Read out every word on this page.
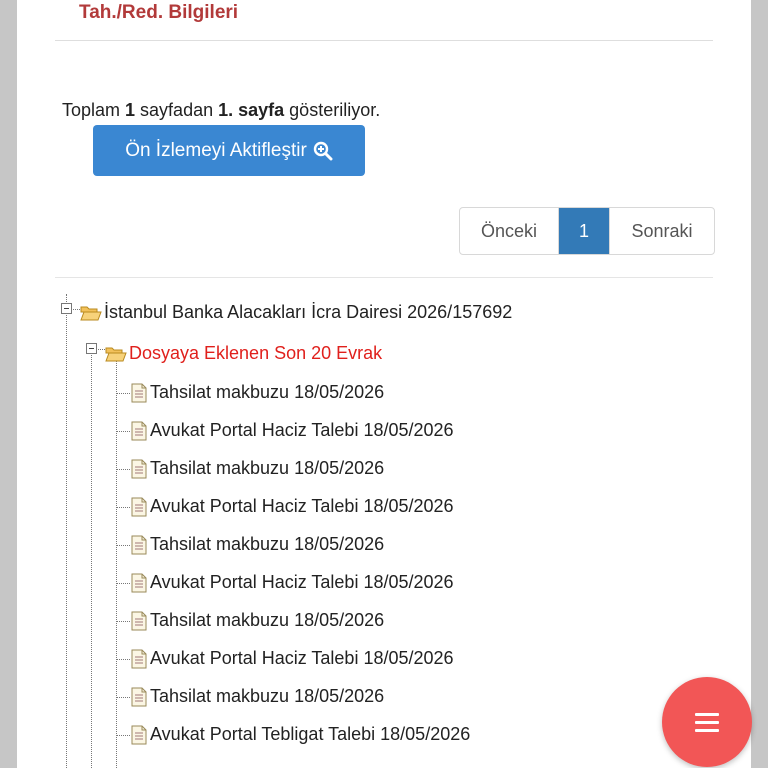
Tah./Red. Bilgileri
Toplam 1 sayfadan 1. sayfa gösteriliyor.
Ön İzlemeyi Aktifleştir
Önceki	1	Sonraki
İstanbul Banka Alacakları İcra Dairesi 2026/157692
Dosyaya Eklenen Son 20 Evrak
Tahsilat makbuzu 18/05/2026
Avukat Portal Haciz Talebi 18/05/2026
Tahsilat makbuzu 18/05/2026
Avukat Portal Haciz Talebi 18/05/2026
Tahsilat makbuzu 18/05/2026
Avukat Portal Haciz Talebi 18/05/2026
Tahsilat makbuzu 18/05/2026
Avukat Portal Haciz Talebi 18/05/2026
Tahsilat makbuzu 18/05/2026
Avukat Portal Tebligat Talebi 18/05/2026
